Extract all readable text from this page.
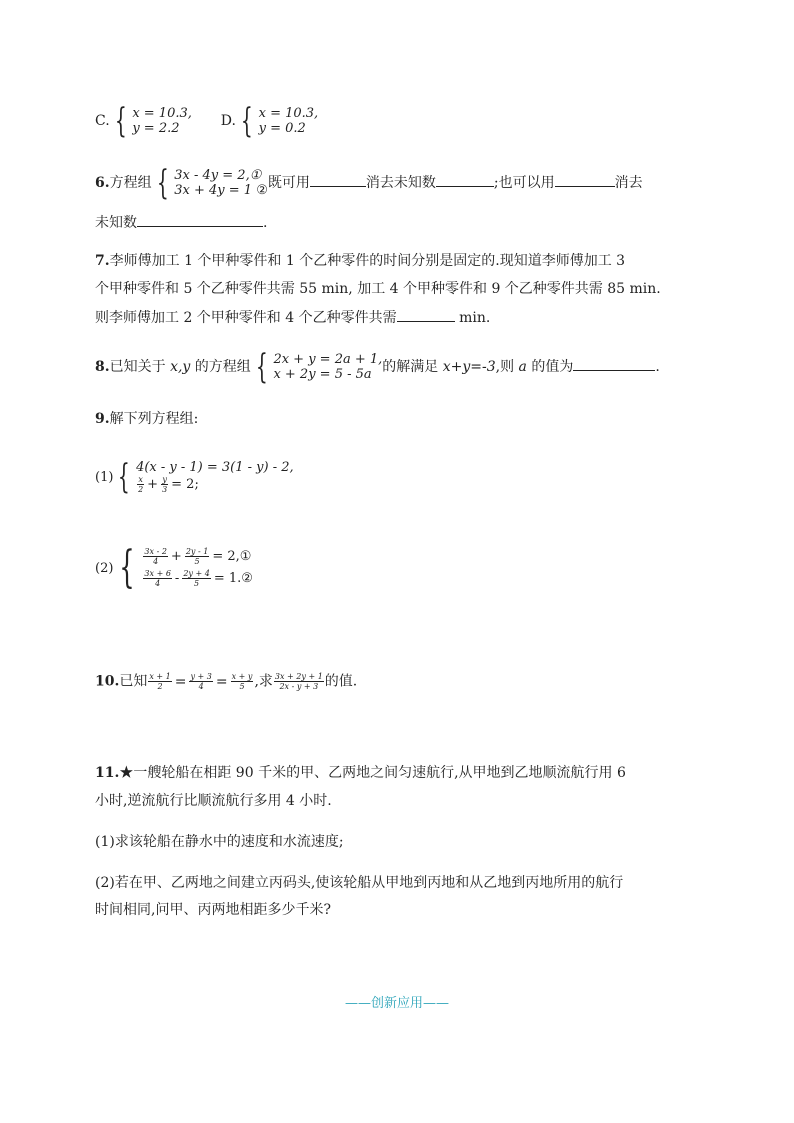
C. { x = 10.3,
y = 2.2	D. { x = 10.3,
y = 0.2
6.方程组 { 3x - 4y = 2,①
3x + 4y = 1 ② 既可用	消去未知数	;也可以用	消去
未知数	.
7.李师傅加工 1 个甲种零件和 1 个乙种零件的时间分别是固定的.现知道李师傅加工 3
个甲种零件和 5 个乙种零件共需 55 min, 加工 4 个甲种零件和 9 个乙种零件共需 85 min.
则李师傅加工 2 个甲种零件和 4 个乙种零件共需	min.
8.已知关于 x,y 的方程组 { 2x + y = 2a + 1,
x + 2y = 5 - 5a 的解满足 x+y=-3,则 a 的值为	.
9.解下列方程组:
(1) { 4(x - y - 1) = 3(1 - y) - 2,
$\frac{x}{2} + \frac{y}{3} = 2$;
(2) { $\frac{3x - 2}{4} + \frac{2y - 1}{5}$ = 2,①
$\frac{3x + 6}{4} - \frac{2y + 4}{5}$ = 1.②
10.已知 $\frac{x + 1}{2} = \frac{y + 3}{4} = \frac{x + y}{5}$ ,求 $\frac{3x + 2y + 1}{2x - y + 3}$ 的值.
11.★一艘轮船在相距 90 千米的甲、乙两地之间匀速航行,从甲地到乙地顺流航行用 6
小时,逆流航行比顺流航行多用 4 小时.
(1)求该轮船在静水中的速度和水流速度;
(2)若在甲、乙两地之间建立丙码头,使该轮船从甲地到丙地和从乙地到丙地所用的航行
时间相同,问甲、丙两地相距多少千米?
——创新应用——
